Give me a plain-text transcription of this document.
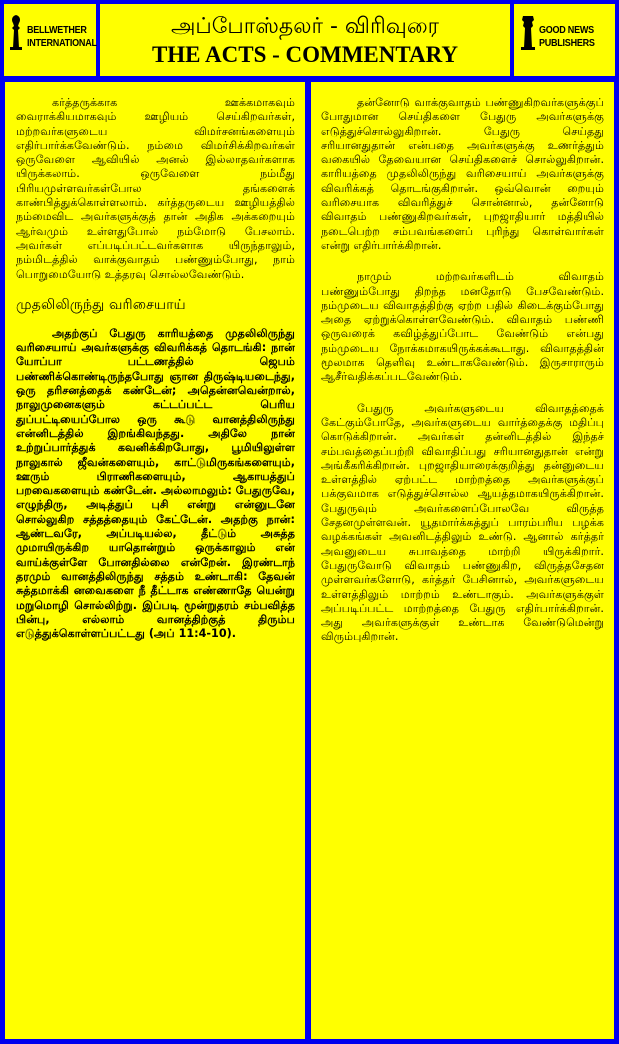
BELLWETHER
INTERNATIONAL
அப்போஸ்தலர் - விரிவுரை
THE ACTS - COMMENTARY
GOOD NEWS
PUBLISHERS

கர்த்தருக்காக ஊக்கமாகவும் வைராக்கியமாகவும் ஊழியம் செய்கிறவர்கள், மற்றவர்களுடைய விமர்சனங்களையும் எதிர்பார்க்கவேண்டும். நம்மை விமர்சிக்கிறவர்கள் ஒருவேளை ஆவியில் அனல் இல்லாதவர்களாக யிருக்கலாம். ஒருவேளை நம்மீது பிரியமுள்ளவர்கள்போல தங்களைக் காண்பித்துக்கொள்ளலாம். கர்த்தருடைய ஊழியத்தில் நம்மைவிட அவர்களுக்குத் தான் அதிக அக்கறையும் ஆர்வமும் உள்ளதுபோல் நம்மோடு பேசலாம். அவர்கள் எப்படிப்பட்டவர்களாக யிருந்தாலும், நம்மிடத்தில் வாக்குவாதம் பண்ணும்போது, நாம் பொறுமையோடு உத்தரவு சொல்லவேண்டும்.

முதலிலிருந்து வரிசையாய்

அதற்குப் பேதுரு காரியத்தை முதலிலிருந்து வரிசையாய் அவர்களுக்கு விவரிக்கத் தொடங்கி: நான் யோப்பா பட்டணத்தில் ஜெபம் பண்ணிக்கொண்டிருந்தபோது ஞான திருஷ்டியடைந்து, ஒரு தரிசனத்தைக் கண்டேன்; அதென்னவென்றால், நாலுமுனைகளும் கட்டப்பட்ட பெரிய துப்பட்டியைப்போல ஒரு கூடு வானத்திலிருந்து என்னிடத்தில் இறங்கிவந்தது. அதிலே நான் உற்றுப்பார்த்துக் கவனிக்கிறபோது, பூமியிலுள்ள நாலுகால் ஜீவன்களையும், காட்டுமிருகங்களையும், ஊரும் பிராணிகளையும், ஆகாயத்துப் பறவைகளையும் கண்டேன். அல்லாமலும்: பேதுருவே, எழுந்திரு, அடித்துப் புசி என்று என்னுடனே சொல்லுகிற சத்தத்தையும் கேட்டேன். அதற்கு நான்: ஆண்டவரே, அப்படியல்ல, தீட்டும் அசுத்த முமாயிருக்கிற யாதொன்றும் ஒருக்காலும் என் வாய்க்குள்ளே போனதில்லை என்றேன். இரண்டாந் தரமும் வானத்திலிருந்து சத்தம் உண்டாகி: தேவன் சுத்தமாக்கி னவைகளை நீ தீட்டாக எண்ணாதே யென்று மறுமொழி சொல்லிற்று. இப்படி மூன்றுதரம் சம்பவித்த பின்பு, எல்லாம் வானத்திற்குத் திரும்ப எடுத்துக்கொள்ளப்பட்டது (அப் 11:4-10).

தன்னோடு வாக்குவாதம் பண்ணுகிறவர்களுக்குப் போதுமான செய்திகளை பேதுரு அவர்களுக்கு எடுத்துச்சொல்லுகிறான். பேதுரு செய்தது சரியானதுதான் என்பதை அவர்களுக்கு உணர்த்தும் வகையில் தேவையான செய்திகளைச் சொல்லுகிறான். காரியத்தை முதலிலிருந்து வரிசையாய் அவர்களுக்கு விவரிக்கத் தொடங்குகிறான். ஒவ்வொன் றையும் வரிசையாக விவரித்துச் சொன்னால், தன்னோடு விவாதம் பண்ணுகிறவர்கள், புறஜாதியார் மத்தியில் நடைபெற்ற சம்பவங்களைப் புரிந்து கொள்வார்கள் என்று எதிர்பார்க்கிறான்.

நாமும் மற்றவர்களிடம் விவாதம் பண்ணும்போது திறந்த மனதோடு பேசவேண்டும். நம்முடைய விவாதத்திற்கு ஏற்ற பதில் கிடைக்கும்போது அதை ஏற்றுக்கொள்ளவேண்டும். விவாதம் பண்ணி ஒருவரைக் கவிழ்த்துப்போட வேண்டும் என்பது நம்முடைய நோக்கமாகயிருக்கக்கூடாது. விவாதத்தின் மூலமாக தெளிவு உண்டாகவேண்டும். இருசாராரும் ஆசீர்வதிக்கப்படவேண்டும்.

பேதுரு அவர்களுடைய விவாதத்தைக் கேட்கும்போதே, அவர்களுடைய வார்த்தைக்கு மதிப்பு கொடுக்கிறான். அவர்கள் தன்னிடத்தில் இந்தச் சம்பவத்தைப்பற்றி விவாதிப்பது சரியானதுதான் என்று அங்கீகரிக்கிறான். புறஜாதியாரைக்குறித்து தன்னுடைய உள்ளத்தில் ஏற்பட்ட மாற்றத்தை அவர்களுக்குப் பக்குவமாக எடுத்துச்சொல்ல ஆயத்தமாகயிருக்கிறான். பேதுருவும் அவர்களைப்போலவே விருத்த சேதனமுள்ளவன். யூதமார்க்கத்துப் பாரம்பரிய பழக்க வழக்கங்கள் அவனிடத்திலும் உண்டு. ஆனால் கர்த்தர் அவனுடைய சுபாவத்தை மாற்றி யிருக்கிறார். பேதுருவோடு விவாதம் பண்ணுகிற, விருத்தசேதன முள்ளவர்களோடு, கர்த்தர் பேசினால், அவர்களுடைய உள்ளத்திலும் மாற்றம் உண்டாகும். அவர்களுக்குள் அப்படிப்பட்ட மாற்றத்தை பேதுரு எதிர்பார்க்கிறான். அது அவர்களுக்குள் உண்டாக வேண்டுமென்று விரும்புகிறான்.
